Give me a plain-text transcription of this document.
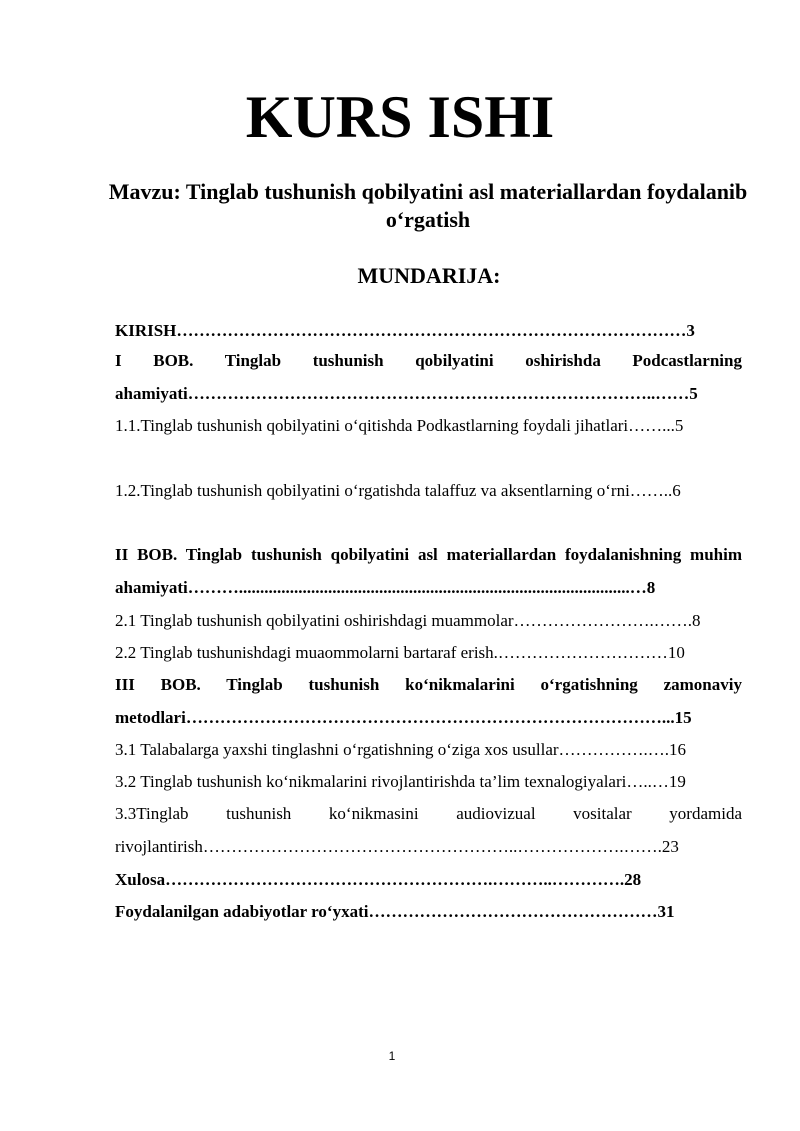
KURS ISHI
Mavzu: Tinglab tushunish qobilyatini asl materiallardan foydalanib o‘rgatish
MUNDARIJA:

KIRISH………………………………………………………………………………3

I BOB. Tinglab tushunish qobilyatini oshirishda Podcastlarning ahamiyati………………………………………………………………………..……5

1.1.Tinglab tushunish qobilyatini o‘qitishda Podkastlarning foydali jihatlari……...5

1.2.Tinglab tushunish qobilyatini o‘rgatishda talaffuz va aksentlarning o‘rni……..6

II BOB. Tinglab tushunish qobilyatini asl materiallardan foydalanishning muhim ahamiyati………............................................................................................…8

2.1 Tinglab tushunish qobilyatini oshirishdagi muammolar…………………….…….8

2.2 Tinglab tushunishdagi muaommolarni bartaraf erish.…………………………10

III BOB. Tinglab tushunish ko‘nikmalarini o‘rgatishning zamonaviy metodlari…………………………………………………………………………...15

3.1 Talabalarga yaxshi tinglashni o‘rgatishning o‘ziga xos usullar…………….….16

3.2 Tinglab tushunish ko‘nikmalarini rivojlantirishda ta’lim texnalogiyalari…..…19

3.3Tinglab tushunish ko‘nikmasini audiovizual vositalar yordamida rivojlantirish………………………………………………..……………….…….23

Xulosa………………………………………………….………..………….28

Foydalanilgan adabiyotlar ro‘yxati……………………………………………31

1
